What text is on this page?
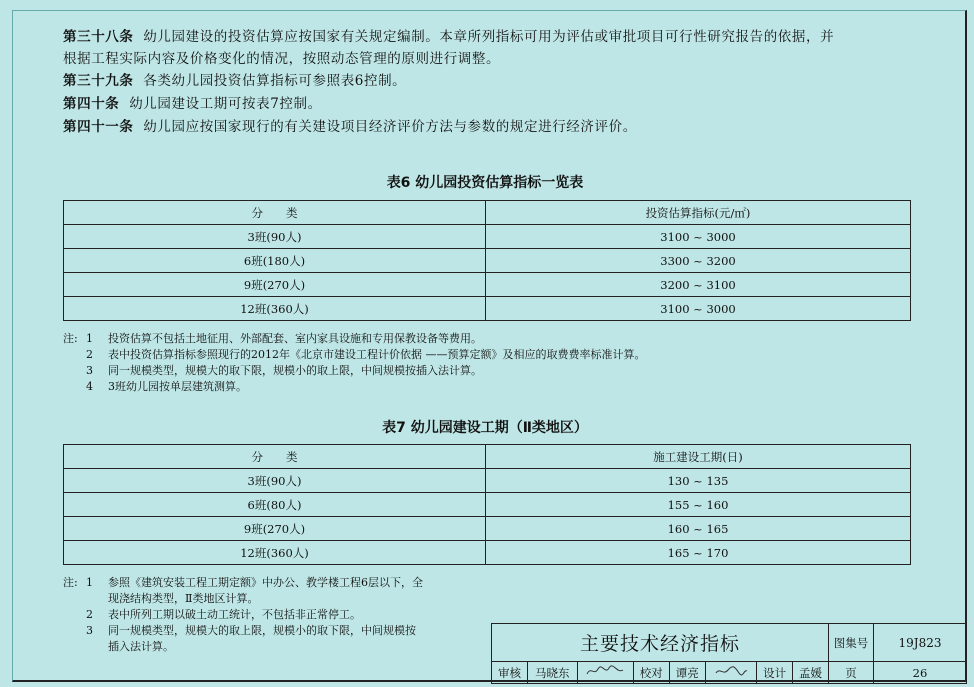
第三十八条 幼儿园建设的投资估算应按国家有关规定编制。本章所列指标可用为评估或审批项目可行性研究报告的依据，并
根据工程实际内容及价格变化的情况，按照动态管理的原则进行调整。
第三十九条 各类幼儿园投资估算指标可参照表6控制。
第四十条 幼儿园建设工期可按表7控制。
第四十一条 幼儿园应按国家现行的有关建设项目经济评价方法与参数的规定进行经济评价。
表6 幼儿园投资估算指标一览表
分　　类	投资估算指标(元/㎡)
3班(90人)	3100 ~ 3000
6班(180人)	3300 ~ 3200
9班(270人)	3200 ~ 3100
12班(360人)	3100 ~ 3000
注: 1	投资估算不包括土地征用、外部配套、室内家具设施和专用保教设备等费用。
2	表中投资估算指标参照现行的2012年《北京市建设工程计价依据 ——预算定额》及相应的取费费率标准计算。
3	同一规模类型，规模大的取下限，规模小的取上限，中间规模按插入法计算。
4	3班幼儿园按单层建筑测算。
表7 幼儿园建设工期（Ⅱ类地区）
分　　类	施工建设工期(日)
3班(90人)	130 ~ 135
6班(80人)	155 ~ 160
9班(270人)	160 ~ 165
12班(360人)	165 ~ 170
注: 1	参照《建筑安装工程工期定额》中办公、教学楼工程6层以下，全
现浇结构类型，Ⅱ类地区计算。
2	表中所列工期以破土动工统计，不包括非正常停工。
3	同一规模类型，规模大的取上限，规模小的取下限，中间规模按
插入法计算。	主要技术经济指标								图集号	19J823
审核	马晓东		校对	谭亮		设计	孟媛	页	26
